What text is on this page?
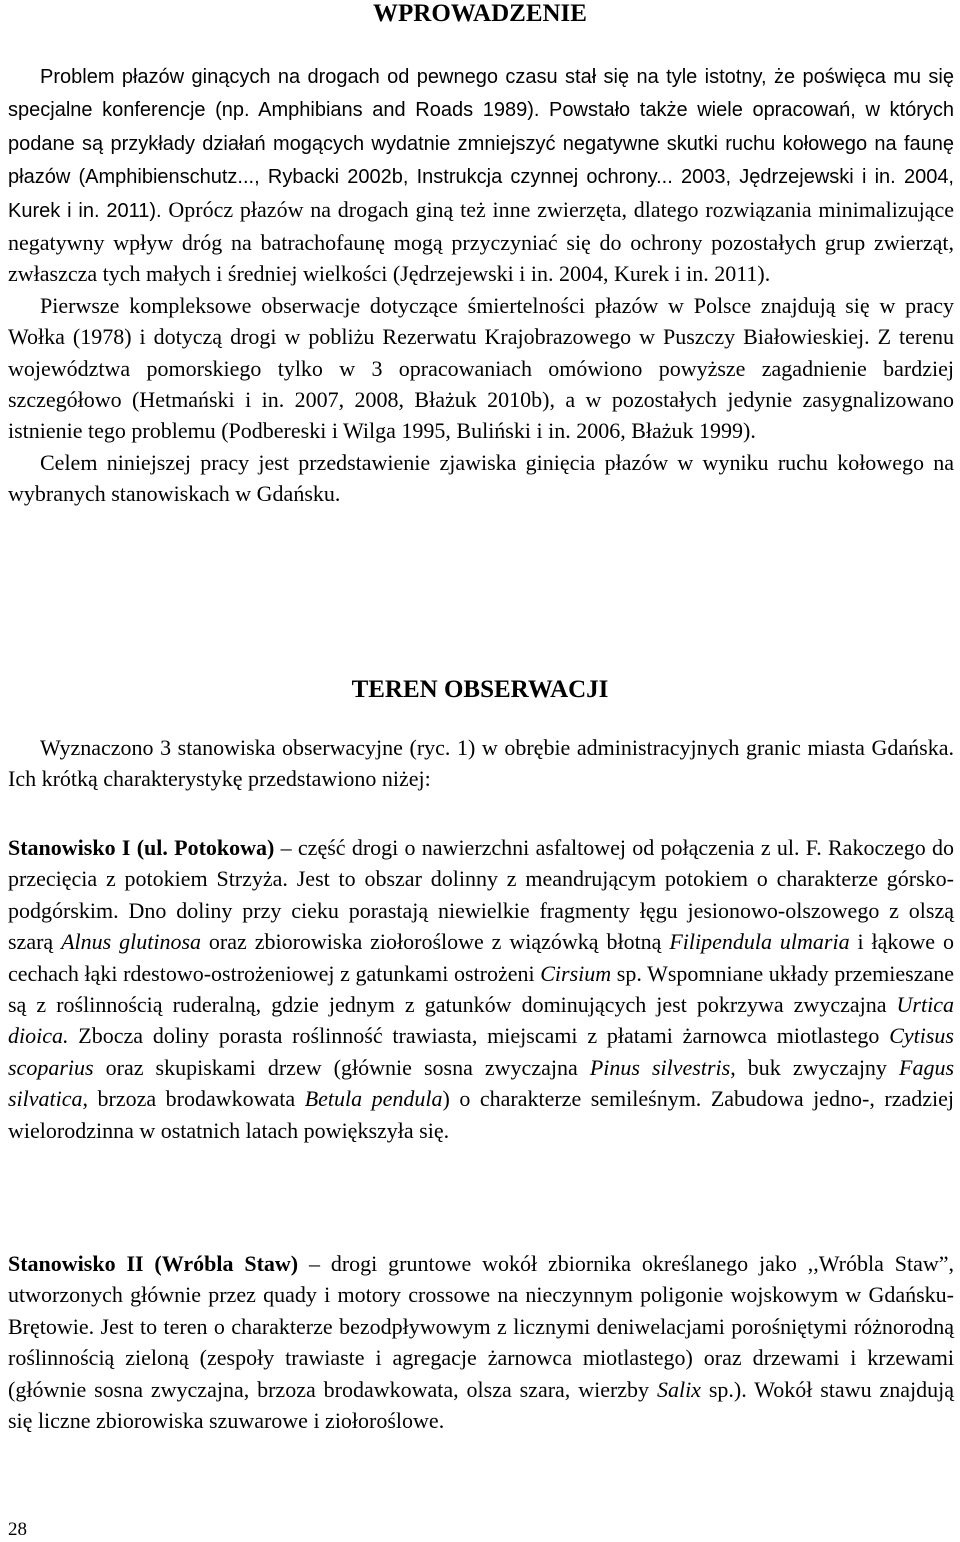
WPROWADZENIE

Problem płazów ginących na drogach od pewnego czasu stał się na tyle istotny, że poświęca mu się specjalne konferencje (np. Amphibians and Roads 1989). Powstało także wiele opracowań, w których podane są przykłady działań mogących wydatnie zmniejszyć negatywne skutki ruchu kołowego na faunę płazów (Amphibienschutz..., Rybacki 2002b, Instrukcja czynnej ochrony... 2003, Jędrzejewski i in. 2004, Kurek i in. 2011). Oprócz płazów na drogach giną też inne zwierzęta, dlatego rozwiązania minimalizujące negatywny wpływ dróg na batrachofaunę mogą przyczyniać się do ochrony pozostałych grup zwierząt, zwłaszcza tych małych i średniej wielkości (Jędrzejewski i in. 2004, Kurek i in. 2011).

Pierwsze kompleksowe obserwacje dotyczące śmiertelności płazów w Polsce znajdują się w pracy Wołka (1978) i dotyczą drogi w pobliżu Rezerwatu Krajobrazowego w Puszczy Białowieskiej. Z terenu województwa pomorskiego tylko w 3 opracowaniach omówiono powyższe zagadnienie bardziej szczegółowo (Hetmański i in. 2007, 2008, Błażuk 2010b), a w pozostałych jedynie zasygnalizowano istnienie tego problemu (Podbereski i Wilga 1995, Buliński i in. 2006, Błażuk 1999).

Celem niniejszej pracy jest przedstawienie zjawiska ginięcia płazów w wyniku ruchu kołowego na wybranych stanowiskach w Gdańsku.

TEREN OBSERWACJI

Wyznaczono 3 stanowiska obserwacyjne (ryc. 1) w obrębie administracyjnych granic miasta Gdańska. Ich krótką charakterystykę przedstawiono niżej:

Stanowisko I (ul. Potokowa) – część drogi o nawierzchni asfaltowej od połączenia z ul. F. Rakoczego do przecięcia z potokiem Strzyża. Jest to obszar dolinny z meandrującym potokiem o charakterze górsko-podgórskim. Dno doliny przy cieku porastają niewielkie fragmenty łęgu jesionowo-olszowego z olszą szarą Alnus glutinosa oraz zbiorowiska ziołoroślowe z wiązówką błotną Filipendula ulmaria i łąkowe o cechach łąki rdestowo-ostrożeniowej z gatunkami ostrożeni Cirsium sp. Wspomniane układy przemieszane są z roślinnością ruderalną, gdzie jednym z gatunków dominujących jest pokrzywa zwyczajna Urtica dioica. Zbocza doliny porasta roślinność trawiasta, miejscami z płatami żarnowca miotlastego Cytisus scoparius oraz skupiskami drzew (głównie sosna zwyczajna Pinus silvestris, buk zwyczajny Fagus silvatica, brzoza brodawkowata Betula pendula) o charakterze semileśnym. Zabudowa jedno-, rzadziej wielorodzinna w ostatnich latach powiększyła się.

Stanowisko II (Wróbla Staw) – drogi gruntowe wokół zbiornika określanego jako ,,Wróbla Staw”, utworzonych głównie przez quady i motory crossowe na nieczynnym poligonie wojskowym w Gdańsku-Brętowie. Jest to teren o charakterze bezodpływowym z licznymi deniwelacjami porośniętymi różnorodną roślinnością zieloną (zespoły trawiaste i agregacje żarnowca miotlastego) oraz drzewami i krzewami (głównie sosna zwyczajna, brzoza brodawkowata, olsza szara, wierzby Salix sp.). Wokół stawu znajdują się liczne zbiorowiska szuwarowe i ziołoroślowe.

28
